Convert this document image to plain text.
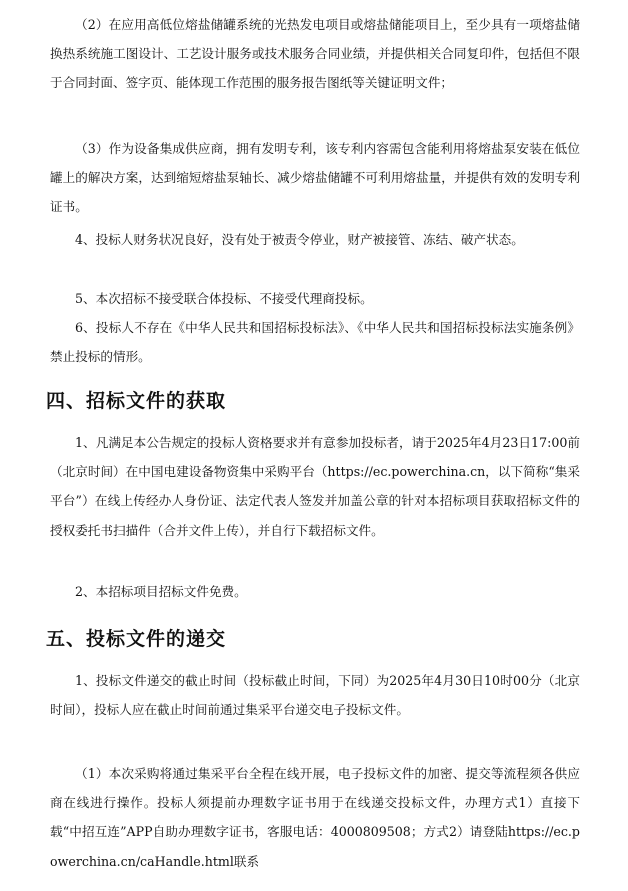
（2）在应用高低位熔盐储罐系统的光热发电项目或熔盐储能项目上，至少具有一项熔盐储换热系统施工图设计、工艺设计服务或技术服务合同业绩，并提供相关合同复印件，包括但不限于合同封面、签字页、能体现工作范围的服务报告图纸等关键证明文件；

（3）作为设备集成供应商，拥有发明专利，该专利内容需包含能利用将熔盐泵安装在低位罐上的解决方案，达到缩短熔盐泵轴长、减少熔盐储罐不可利用熔盐量，并提供有效的发明专利证书。

4、投标人财务状况良好，没有处于被责令停业，财产被接管、冻结、破产状态。

5、本次招标不接受联合体投标、不接受代理商投标。

6、投标人不存在《中华人民共和国招标投标法》、《中华人民共和国招标投标法实施条例》禁止投标的情形。

四、招标文件的获取

1、凡满足本公告规定的投标人资格要求并有意参加投标者，请于2025年4月23日17:00前（北京时间）在中国电建设备物资集中采购平台（https://ec.powerchina.cn，以下简称“集采平台”）在线上传经办人身份证、法定代表人签发并加盖公章的针对本招标项目获取招标文件的授权委托书扫描件（合并文件上传），并自行下载招标文件。

2、本招标项目招标文件免费。

五、投标文件的递交

1、投标文件递交的截止时间（投标截止时间，下同）为2025年4月30日10时00分（北京时间），投标人应在截止时间前通过集采平台递交电子投标文件。

（1）本次采购将通过集采平台全程在线开展，电子投标文件的加密、提交等流程须各供应商在线进行操作。投标人须提前办理数字证书用于在线递交投标文件，办理方式1）直接下载“中招互连”APP自助办理数字证书，客服电话：4000809508；方式2）请登陆https://ec.powerchina.cn/caHandle.html联系
